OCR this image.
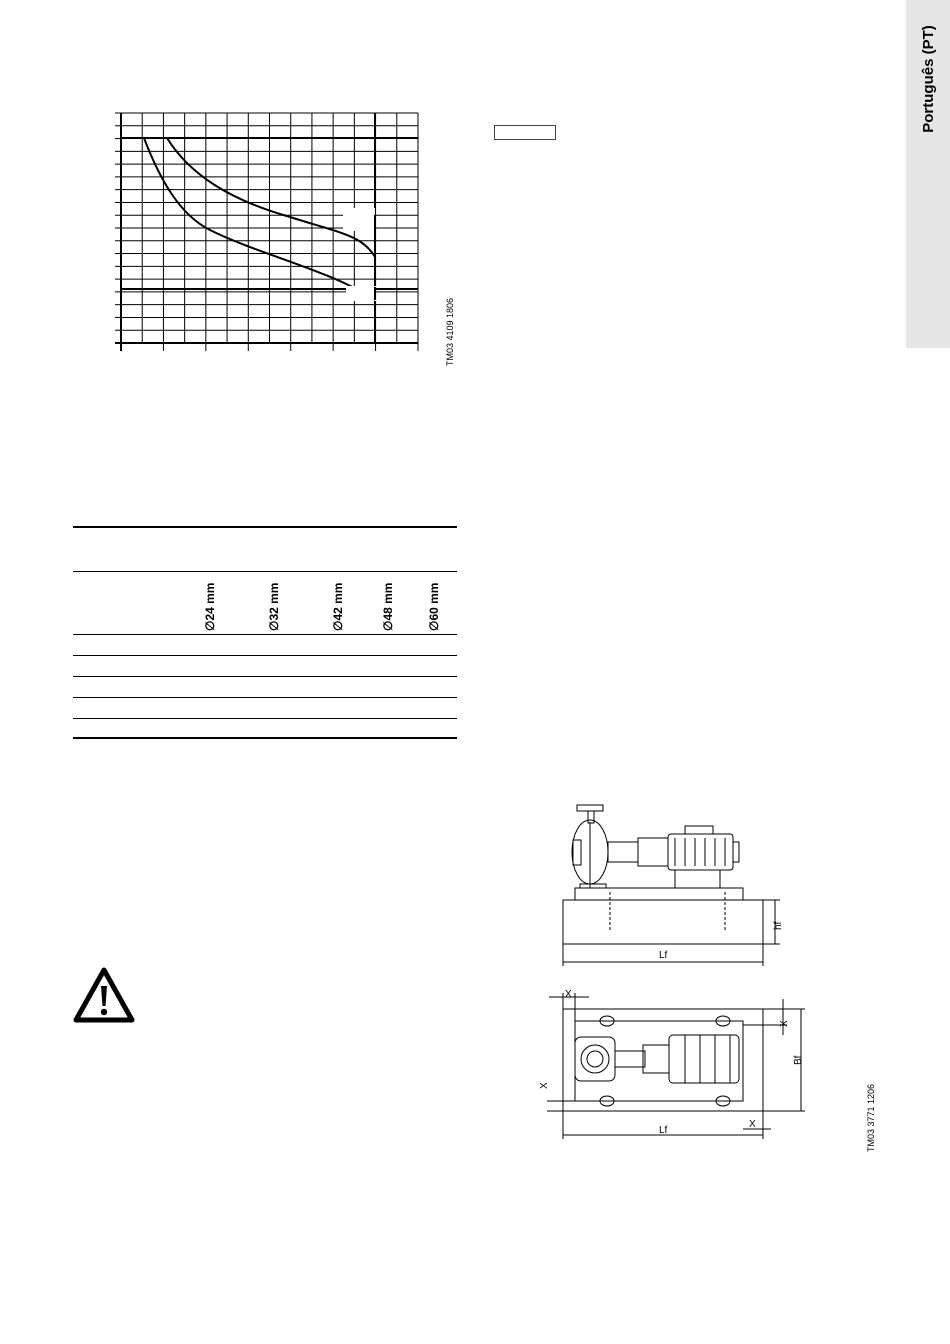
Português (PT)
TM03 4109 1806
∅24 mm	∅32 mm	∅42 mm	∅48 mm	∅60 mm
hf
Lf
X
X
Bf
X
X
Lf	TM03 3771 1206
